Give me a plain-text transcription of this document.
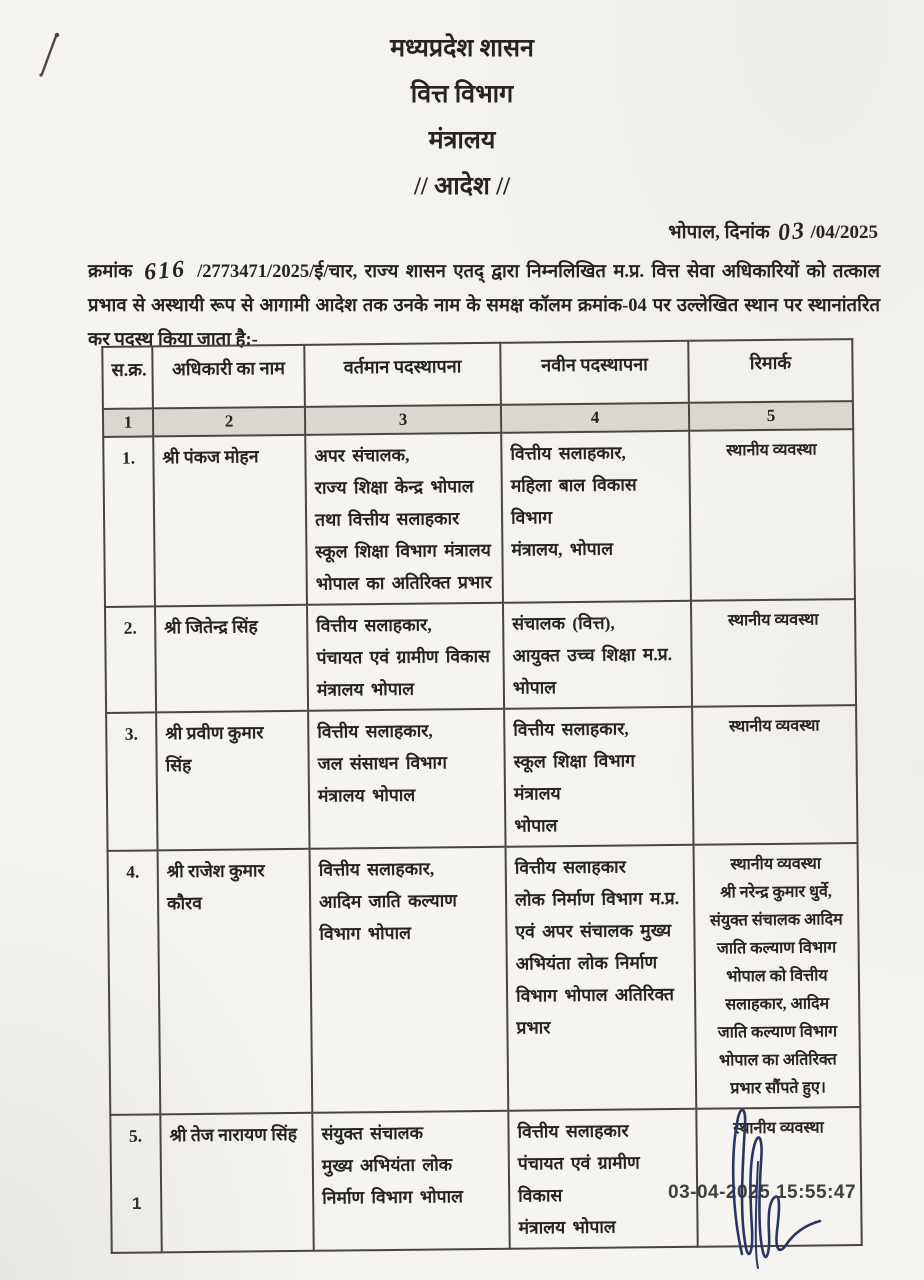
मध्यप्रदेश शासन
वित्त विभाग
मंत्रालय
// आदेश //
भोपाल, दिनांक 03 /04/2025

क्रमांक 616 /2773471/2025/ई/चार, राज्य शासन एतद् द्वारा निम्नलिखित म.प्र. वित्त सेवा अधिकारियों को तत्काल प्रभाव से अस्थायी रूप से आगामी आदेश तक उनके नाम के समक्ष कॉलम क्रमांक-04 पर उल्लेखित स्थान पर स्थानांतरित कर पदस्थ किया जाता है:-

स.क्र.	अधिकारी का नाम	वर्तमान पदस्थापना	नवीन पदस्थापना	रिमार्क
1	2	3	4	5
1.	श्री पंकज मोहन	अपर संचालक,
राज्य शिक्षा केन्द्र भोपाल
तथा वित्तीय सलाहकार
स्कूल शिक्षा विभाग मंत्रालय
भोपाल का अतिरिक्त प्रभार	वित्तीय सलाहकार,
महिला बाल विकास विभाग
मंत्रालय, भोपाल	स्थानीय व्यवस्था
2.	श्री जितेन्द्र सिंह	वित्तीय सलाहकार,
पंचायत एवं ग्रामीण विकास
मंत्रालय भोपाल	संचालक (वित्त),
आयुक्त उच्च शिक्षा म.प्र.
भोपाल	स्थानीय व्यवस्था
3.	श्री प्रवीण कुमार
सिंह	वित्तीय सलाहकार,
जल संसाधन विभाग
मंत्रालय भोपाल	वित्तीय सलाहकार,
स्कूल शिक्षा विभाग मंत्रालय
भोपाल	स्थानीय व्यवस्था
4.	श्री राजेश कुमार
कौरव	वित्तीय सलाहकार,
आदिम जाति कल्याण
विभाग भोपाल	वित्तीय सलाहकार
लोक निर्माण विभाग म.प्र.
एवं अपर संचालक मुख्य
अभियंता लोक निर्माण
विभाग भोपाल अतिरिक्त
प्रभार	स्थानीय व्यवस्था
श्री नरेन्द्र कुमार धुर्वे,
संयुक्त संचालक आदिम
जाति कल्याण विभाग
भोपाल को वित्तीय
सलाहकार, आदिम
जाति कल्याण विभाग
भोपाल का अतिरिक्त
प्रभार सौंपते हुए।
5.	श्री तेज नारायण सिंह	संयुक्त संचालक
मुख्य अभियंता लोक
निर्माण विभाग भोपाल	वित्तीय सलाहकार
पंचायत एवं ग्रामीण विकास
मंत्रालय भोपाल	स्थानीय व्यवस्था
1
03-04-2025 15:55:47
